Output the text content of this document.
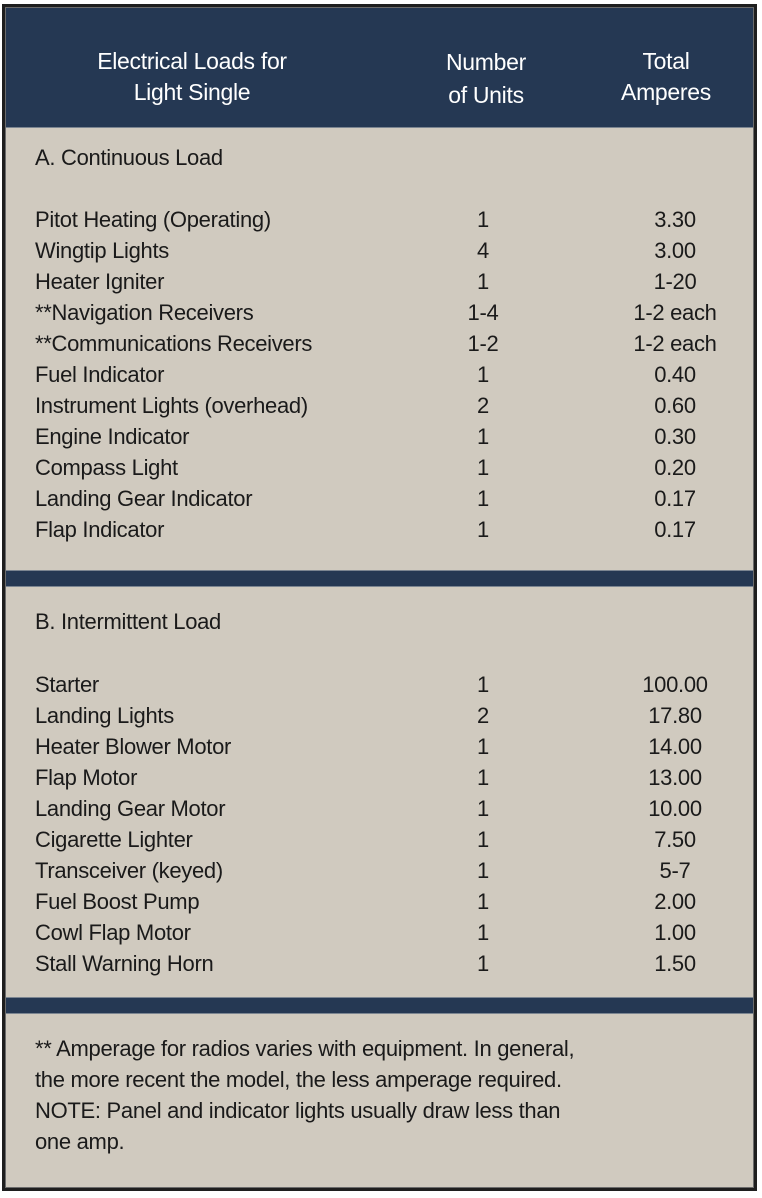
Electrical Loads for
Light Single
Number
of Units
Total
Amperes
A. Continuous Load
Pitot Heating (Operating)	1	3.30
Wingtip Lights	4	3.00
Heater Igniter	1	1-20
**Navigation Receivers	1-4	1-2 each
**Communications Receivers	1-2	1-2 each
Fuel Indicator	1	0.40
Instrument Lights (overhead)	2	0.60
Engine Indicator	1	0.30
Compass Light	1	0.20
Landing Gear Indicator	1	0.17
Flap Indicator	1	0.17
B. Intermittent Load
Starter	1	100.00
Landing Lights	2	17.80
Heater Blower Motor	1	14.00
Flap Motor	1	13.00
Landing Gear Motor	1	10.00
Cigarette Lighter	1	7.50
Transceiver (keyed)	1	5-7
Fuel Boost Pump	1	2.00
Cowl Flap Motor	1	1.00
Stall Warning Horn	1	1.50
** Amperage for radios varies with equipment. In general,
the more recent the model, the less amperage required.
NOTE: Panel and indicator lights usually draw less than
one amp.
